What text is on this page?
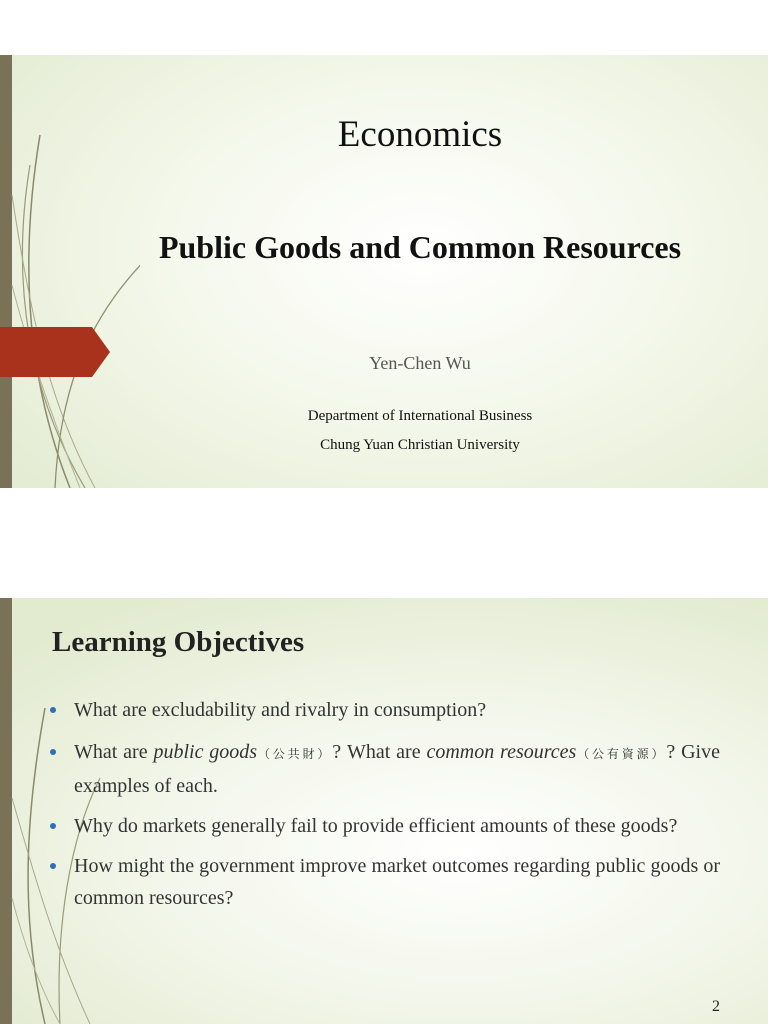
Economics
Public Goods and Common Resources
Yen-Chen Wu
Department of International Business
Chung Yuan Christian University
Learning Objectives
What are excludability and rivalry in consumption?
What are public goods（公共財）? What are common resources（公有資源）? Give examples of each.
Why do markets generally fail to provide efficient amounts of these goods?
How might the government improve market outcomes regarding public goods or common resources?
2
